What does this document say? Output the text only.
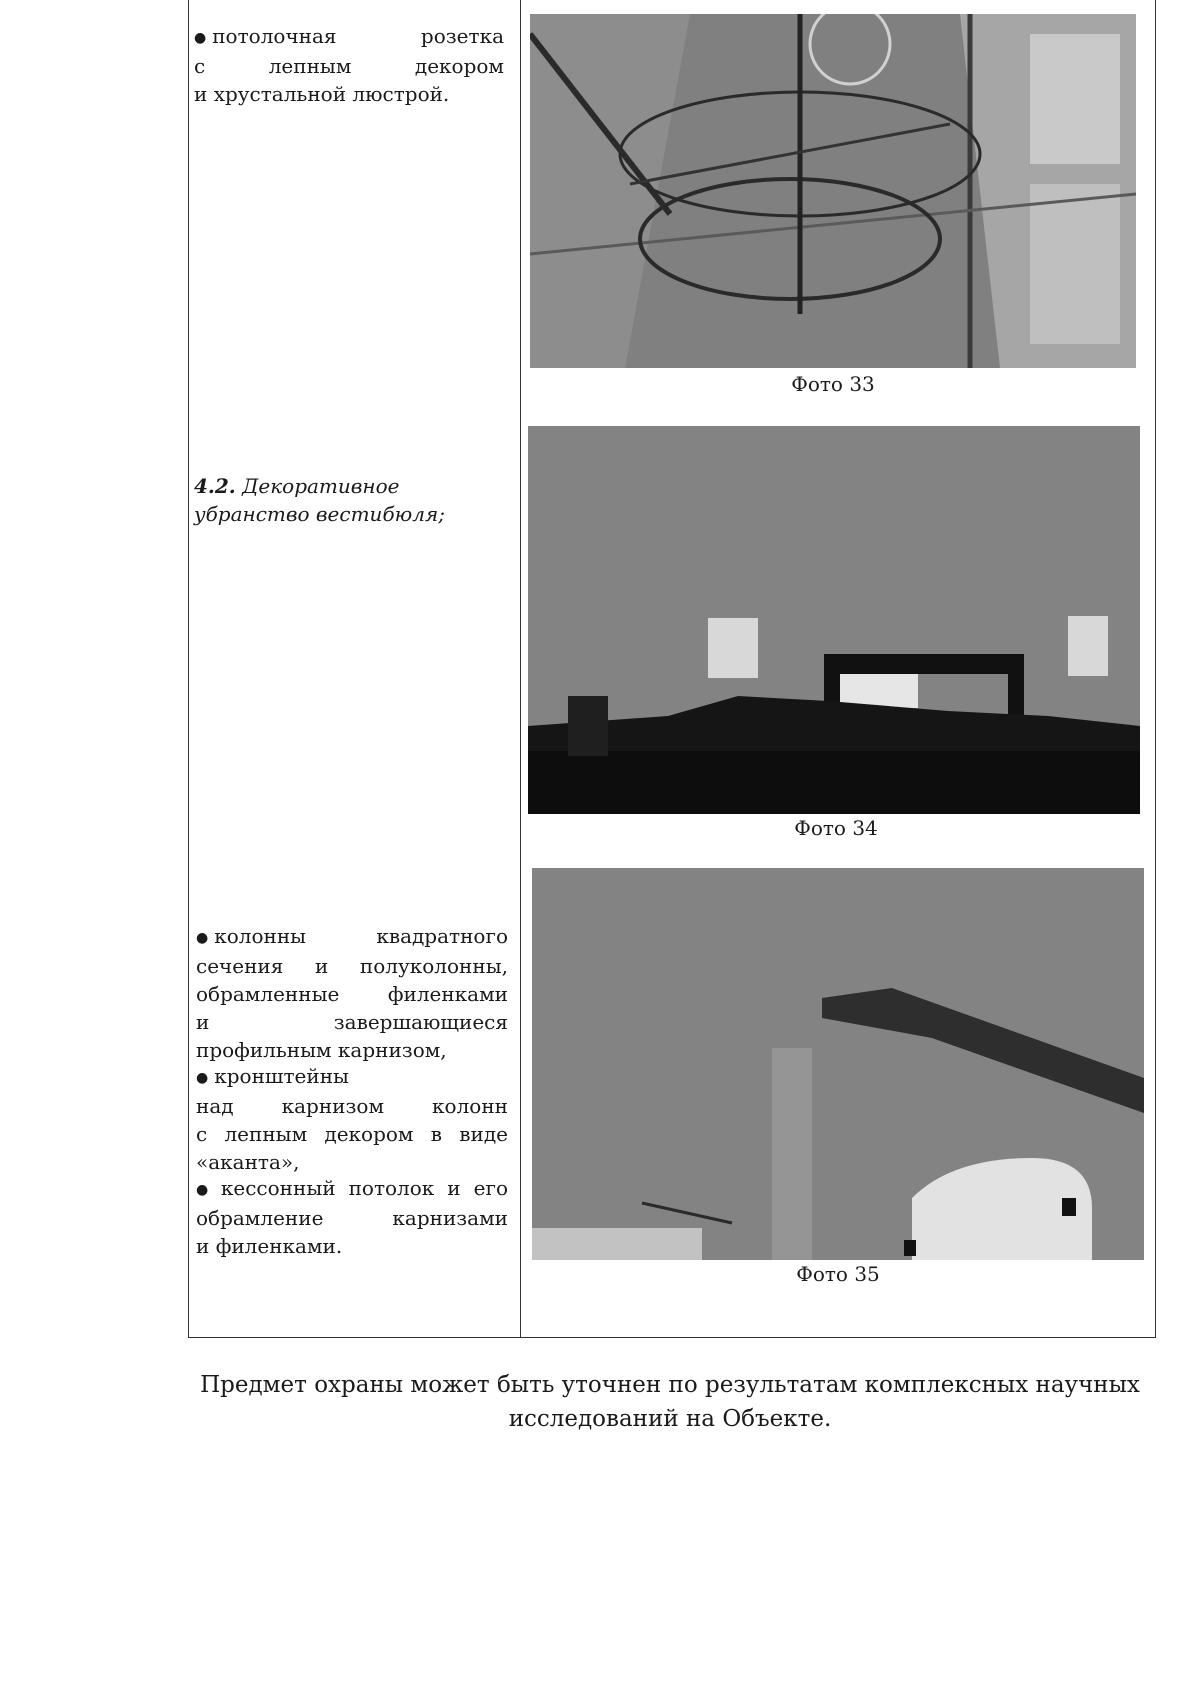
● потолочная	розетка
с	лепным	декором
и хрустальной люстрой.
4.2. Декоративное
убранство вестибюля;
● колонны	квадратного
сечения и полуколонны,
обрамленные филенками
и	завершающиеся
профильным карнизом,
● кронштейны
над карнизом колонн
с лепным декором в виде
«аканта»,
● кессонный потолок и его
обрамление	карнизами
и филенками.
Фото 33
Фото 34
Фото 35
Предмет охраны может быть уточнен по результатам комплексных научных
исследований на Объекте.
